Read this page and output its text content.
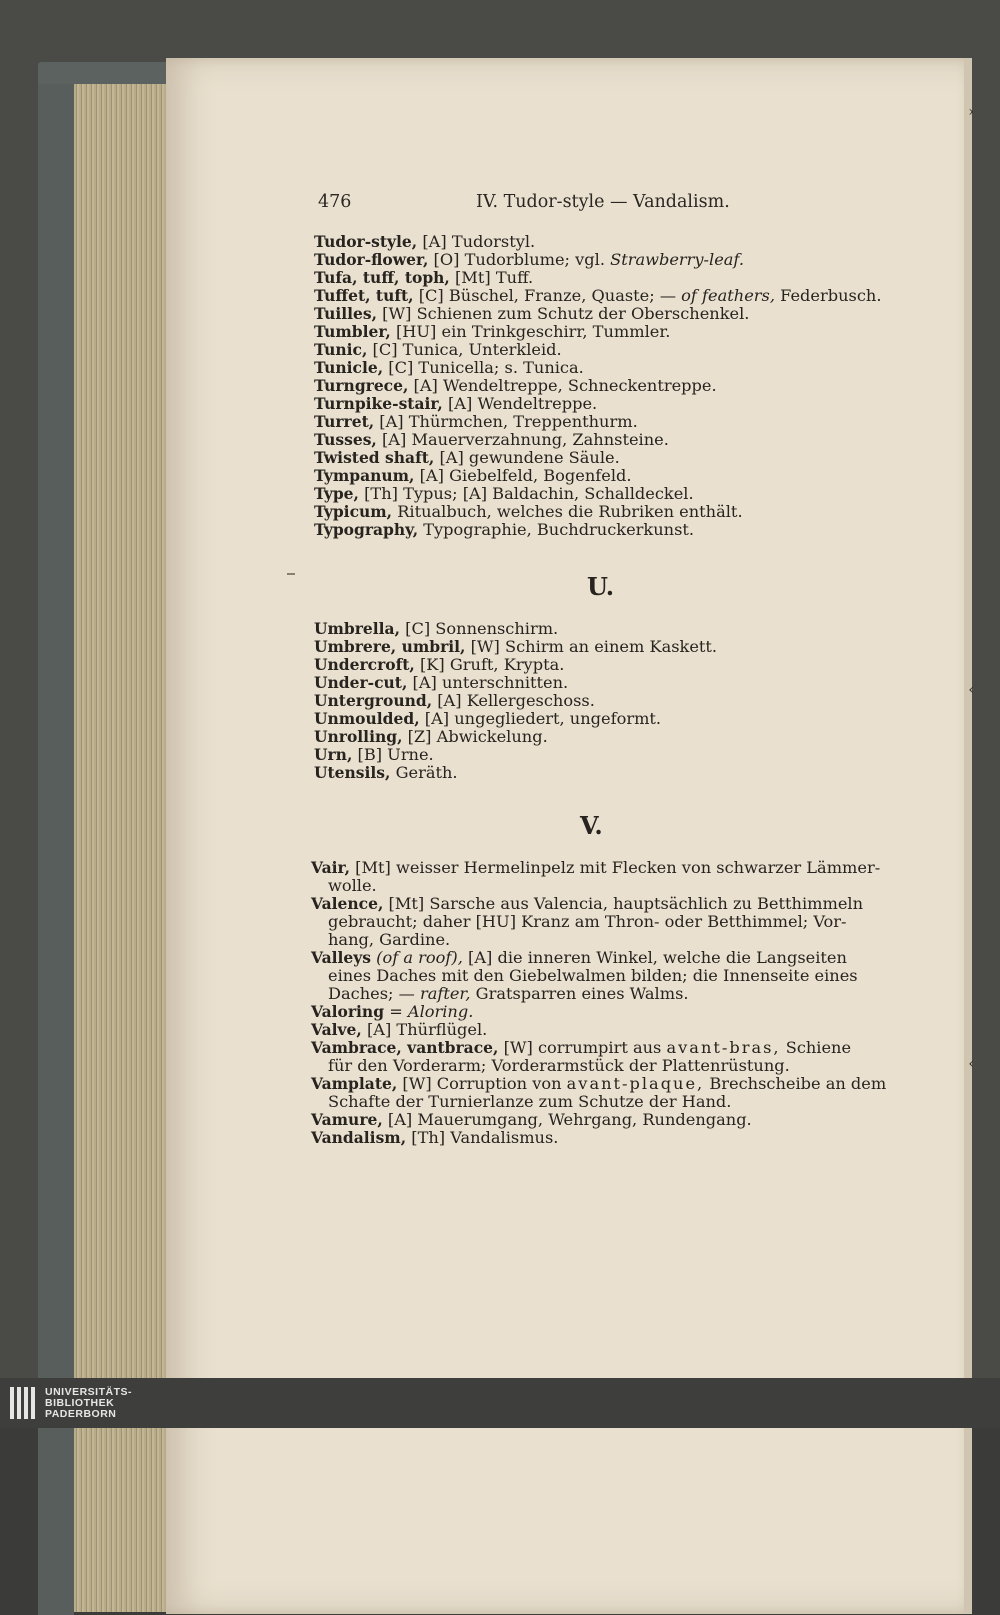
476	IV. Tudor-style — Vandalism.

Tudor-style, [A] Tudorstyl.

Tudor-flower, [O] Tudorblume; vgl. Strawberry-leaf.

Tufa, tuff, toph, [Mt] Tuff.

Tuffet, tuft, [C] Büschel, Franze, Quaste; — of feathers, Federbusch.

Tuilles, [W] Schienen zum Schutz der Oberschenkel.

Tumbler, [HU] ein Trinkgeschirr, Tummler.

Tunic, [C] Tunica, Unterkleid.

Tunicle, [C] Tunicella; s. Tunica.

Turngrece, [A] Wendeltreppe, Schneckentreppe.

Turnpike-stair, [A] Wendeltreppe.

Turret, [A] Thürmchen, Treppenthurm.

Tusses, [A] Mauerverzahnung, Zahnsteine.

Twisted shaft, [A] gewundene Säule.

Tympanum, [A] Giebelfeld, Bogenfeld.

Type, [Th] Typus; [A] Baldachin, Schalldeckel.

Typicum, Ritualbuch, welches die Rubriken enthält.

Typography, Typographie, Buchdruckerkunst.

U.

Umbrella, [C] Sonnenschirm.

Umbrere, umbril, [W] Schirm an einem Kaskett.

Undercroft, [K] Gruft, Krypta.

Under-cut, [A] unterschnitten.

Unterground, [A] Kellergeschoss.

Unmoulded, [A] ungegliedert, ungeformt.

Unrolling, [Z] Abwickelung.

Urn, [B] Urne.

Utensils, Geräth.

V.

Vair, [Mt] weisser Hermelinpelz mit Flecken von schwarzer Lämmer-

wolle.

Valence, [Mt] Sarsche aus Valencia, hauptsächlich zu Betthimmeln

gebraucht; daher [HU] Kranz am Thron- oder Betthimmel; Vor-

hang, Gardine.

Valleys (of a roof), [A] die inneren Winkel, welche die Langseiten

eines Daches mit den Giebelwalmen bilden; die Innenseite eines

Daches; — rafter, Gratsparren eines Walms.

Valoring = Aloring.

Valve, [A] Thürflügel.

Vambrace, vantbrace, [W] corrumpirt aus avant-bras, Schiene

für den Vorderarm; Vorderarmstück der Plattenrüstung.

Vamplate, [W] Corruption von avant-plaque, Brechscheibe an dem

Schafte der Turnierlanze zum Schutze der Hand.

Vamure, [A] Mauerumgang, Wehrgang, Rundengang.

Vandalism, [Th] Vandalismus.

›
‹
‹
UNIVERSITÄTS-
BIBLIOTHEK
PADERBORN
